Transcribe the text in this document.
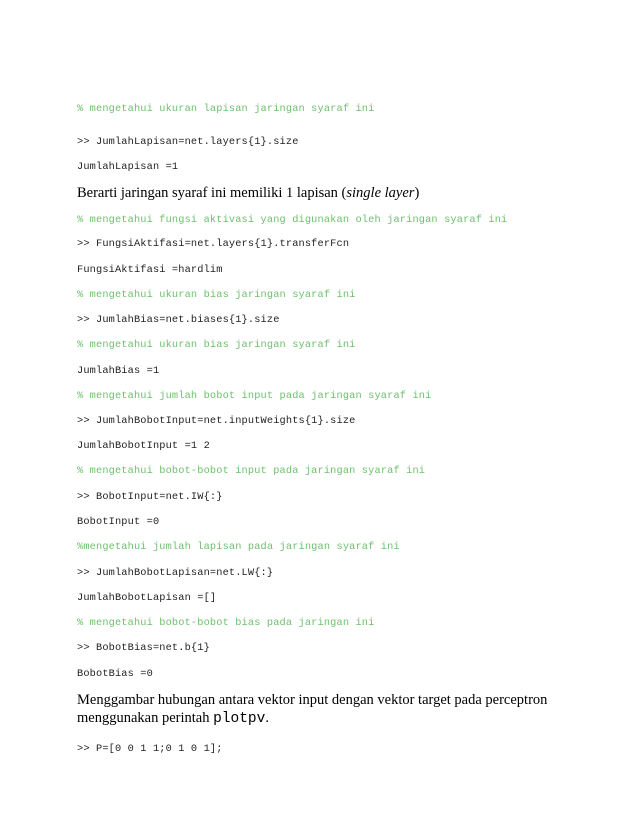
% mengetahui ukuran lapisan jaringan syaraf ini
>> JumlahLapisan=net.layers{1}.size
JumlahLapisan =1
Berarti jaringan syaraf ini memiliki 1 lapisan (single layer)
% mengetahui fungsi aktivasi yang digunakan oleh jaringan syaraf ini
>> FungsiAktifasi=net.layers{1}.transferFcn
FungsiAktifasi =hardlim
% mengetahui ukuran bias jaringan syaraf ini
>> JumlahBias=net.biases{1}.size
% mengetahui ukuran bias jaringan syaraf ini
JumlahBias =1
% mengetahui jumlah bobot input pada jaringan syaraf ini
>> JumlahBobotInput=net.inputWeights{1}.size
JumlahBobotInput =1 2
% mengetahui bobot-bobot input pada jaringan syaraf ini
>> BobotInput=net.IW{:}
BobotInput =0
%mengetahui jumlah lapisan pada jaringan syaraf ini
>> JumlahBobotLapisan=net.LW{:}
JumlahBobotLapisan =[]
% mengetahui bobot-bobot bias pada jaringan ini
>> BobotBias=net.b{1}
BobotBias =0
Menggambar hubungan antara vektor input dengan vektor target pada perceptron menggunakan perintah plotpv.
>> P=[0 0 1 1;0 1 0 1];
